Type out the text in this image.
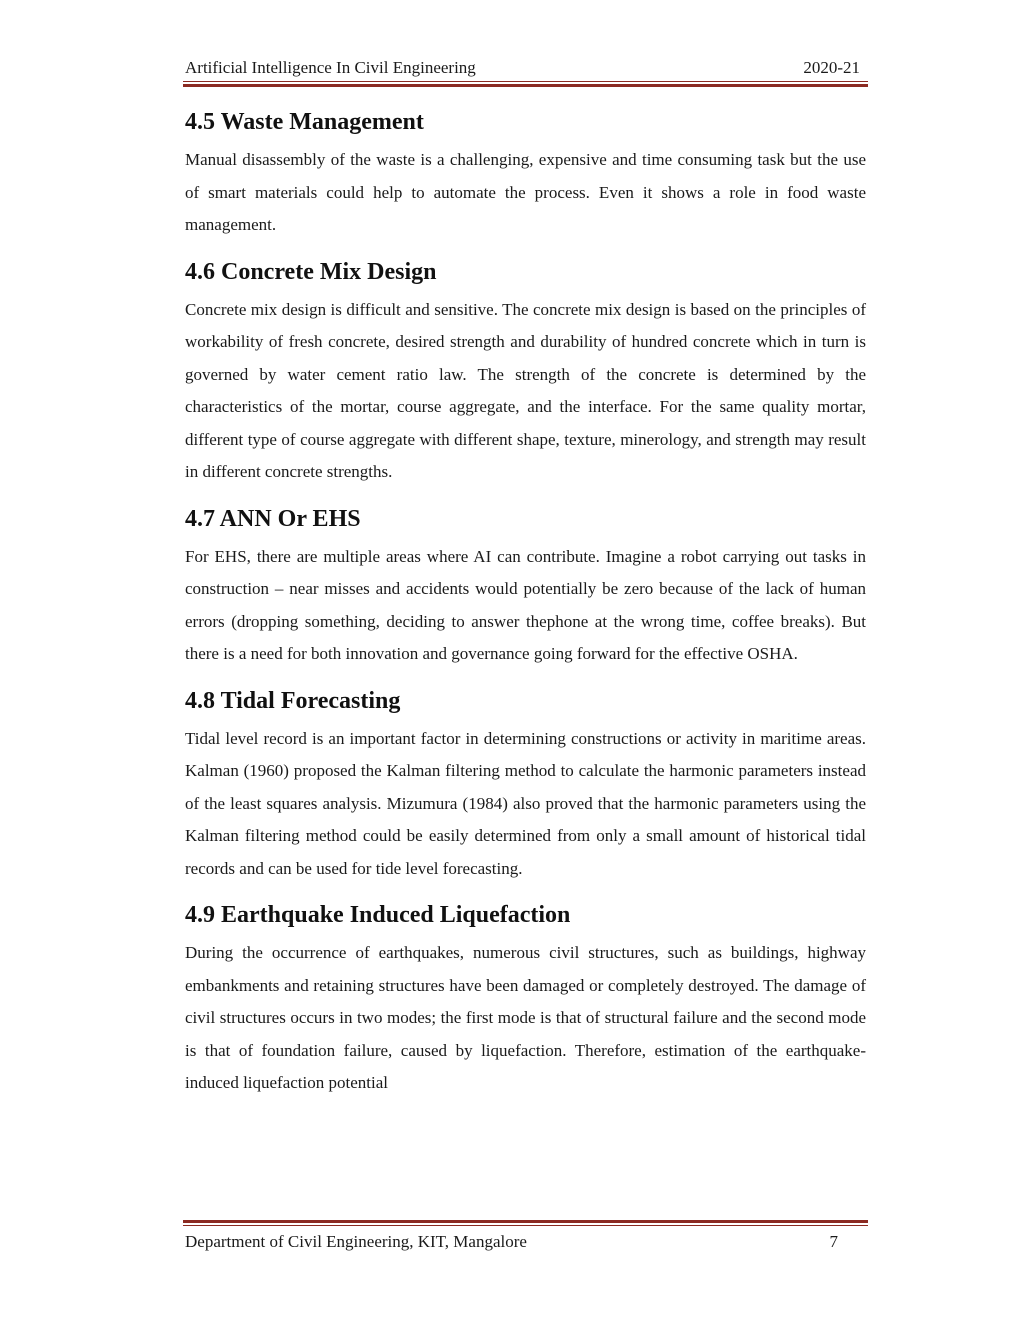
Artificial Intelligence In Civil Engineering	2020-21
4.5 Waste Management

Manual disassembly of the waste is a challenging, expensive and time consuming task but the use of smart materials could help to automate the process. Even it shows a role in food waste management.

4.6 Concrete Mix Design

Concrete mix design is difficult and sensitive. The concrete mix design is based on the principles of workability of fresh concrete, desired strength and durability of hundred concrete which in turn is governed by water cement ratio law. The strength of the concrete is determined by the characteristics of the mortar, course aggregate, and the interface. For the same quality mortar, different type of course aggregate with different shape, texture, minerology, and strength may result in different concrete strengths.

4.7 ANN Or EHS

For EHS, there are multiple areas where AI can contribute. Imagine a robot carrying out tasks in construction – near misses and accidents would potentially be zero because of the lack of human errors (dropping something, deciding to answer thephone at the wrong time, coffee breaks). But there is a need for both innovation and governance going forward for the effective OSHA.

4.8 Tidal Forecasting

Tidal level record is an important factor in determining constructions or activity in maritime areas. Kalman (1960) proposed the Kalman filtering method to calculate the harmonic parameters instead of the least squares analysis. Mizumura (1984) also proved that the harmonic parameters using the Kalman filtering method could be easily determined from only a small amount of historical tidal records and can be used for tide level forecasting.

4.9 Earthquake Induced Liquefaction

During the occurrence of earthquakes, numerous civil structures, such as buildings, highway embankments and retaining structures have been damaged or completely destroyed. The damage of civil structures occurs in two modes; the first mode is that of structural failure and the second mode is that of foundation failure, caused by liquefaction. Therefore, estimation of the earthquake-induced liquefaction potential

Department of Civil Engineering, KIT, Mangalore	7
